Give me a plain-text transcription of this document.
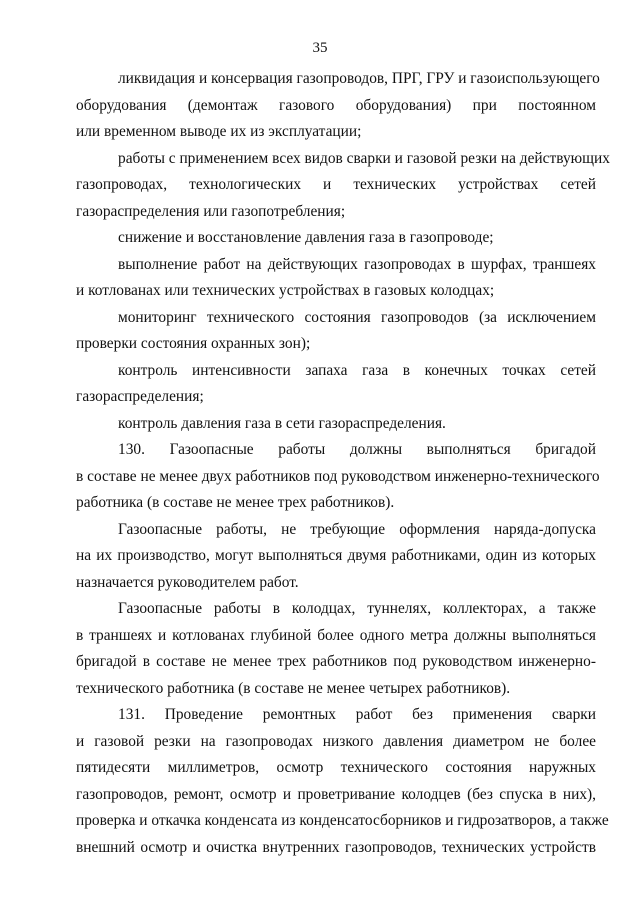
35
ликвидация и консервация газопроводов, ПРГ, ГРУ и газоиспользующего
оборудования (демонтаж газового оборудования) при постоянном
или временном выводе их из эксплуатации;
работы с применением всех видов сварки и газовой резки на действующих
газопроводах, технологических и технических устройствах сетей
газораспределения или газопотребления;
снижение и восстановление давления газа в газопроводе;
выполнение работ на действующих газопроводах в шурфах, траншеях
и котлованах или технических устройствах в газовых колодцах;
мониторинг технического состояния газопроводов (за исключением
проверки состояния охранных зон);
контроль интенсивности запаха газа в конечных точках сетей
газораспределения;
контроль давления газа в сети газораспределения.
130. Газоопасные работы должны выполняться бригадой
в составе не менее двух работников под руководством инженерно-технического
работника (в составе не менее трех работников).
Газоопасные работы, не требующие оформления наряда-допуска
на их производство, могут выполняться двумя работниками, один из которых
назначается руководителем работ.
Газоопасные работы в колодцах, туннелях, коллекторах, а также
в траншеях и котлованах глубиной более одного метра должны выполняться
бригадой в составе не менее трех работников под руководством инженерно-
технического работника (в составе не менее четырех работников).
131. Проведение ремонтных работ без применения сварки
и газовой резки на газопроводах низкого давления диаметром не более
пятидесяти миллиметров, осмотр технического состояния наружных
газопроводов, ремонт, осмотр и проветривание колодцев (без спуска в них),
проверка и откачка конденсата из конденсатосборников и гидрозатворов, а также
внешний осмотр и очистка внутренних газопроводов, технических устройств
